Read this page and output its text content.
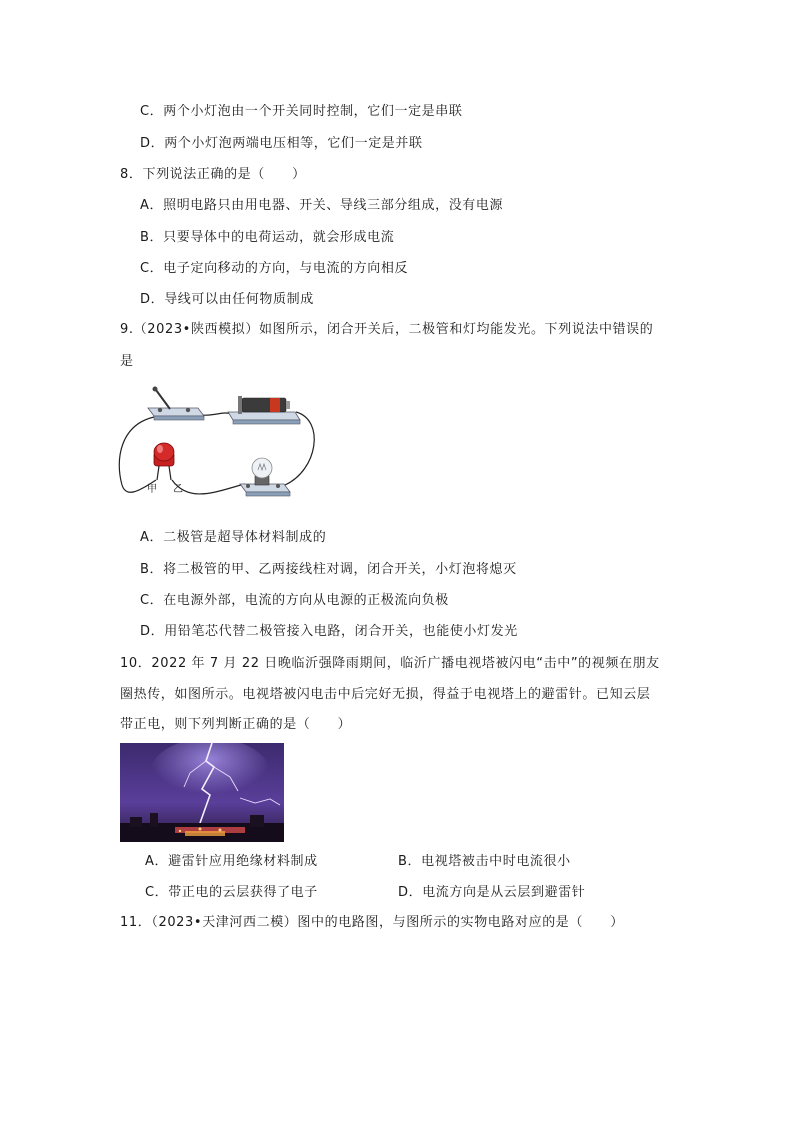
C．两个小灯泡由一个开关同时控制，它们一定是串联
D．两个小灯泡两端电压相等，它们一定是并联
8．下列说法正确的是（　　）
A．照明电路只由用电器、开关、导线三部分组成，没有电源
B．只要导体中的电荷运动，就会形成电流
C．电子定向移动的方向，与电流的方向相反
D．导线可以由任何物质制成
9.（2023•陕西模拟）如图所示，闭合开关后，二极管和灯均能发光。下列说法中错误的
是
甲 乙
A．二极管是超导体材料制成的
B．将二极管的甲、乙两接线柱对调，闭合开关，小灯泡将熄灭
C．在电源外部，电流的方向从电源的正极流向负极
D．用铅笔芯代替二极管接入电路，闭合开关，也能使小灯发光
10．2022 年 7 月 22 日晚临沂强降雨期间，临沂广播电视塔被闪电“击中”的视频在朋友
圈热传，如图所示。电视塔被闪电击中后完好无损，得益于电视塔上的避雷针。已知云层
带正电，则下列判断正确的是（　　）
A．避雷针应用绝缘材料制成	B．电视塔被击中时电流很小
C．带正电的云层获得了电子	D．电流方向是从云层到避雷针
11．（2023•天津河西二模）图中的电路图，与图所示的实物电路对应的是（　　）
